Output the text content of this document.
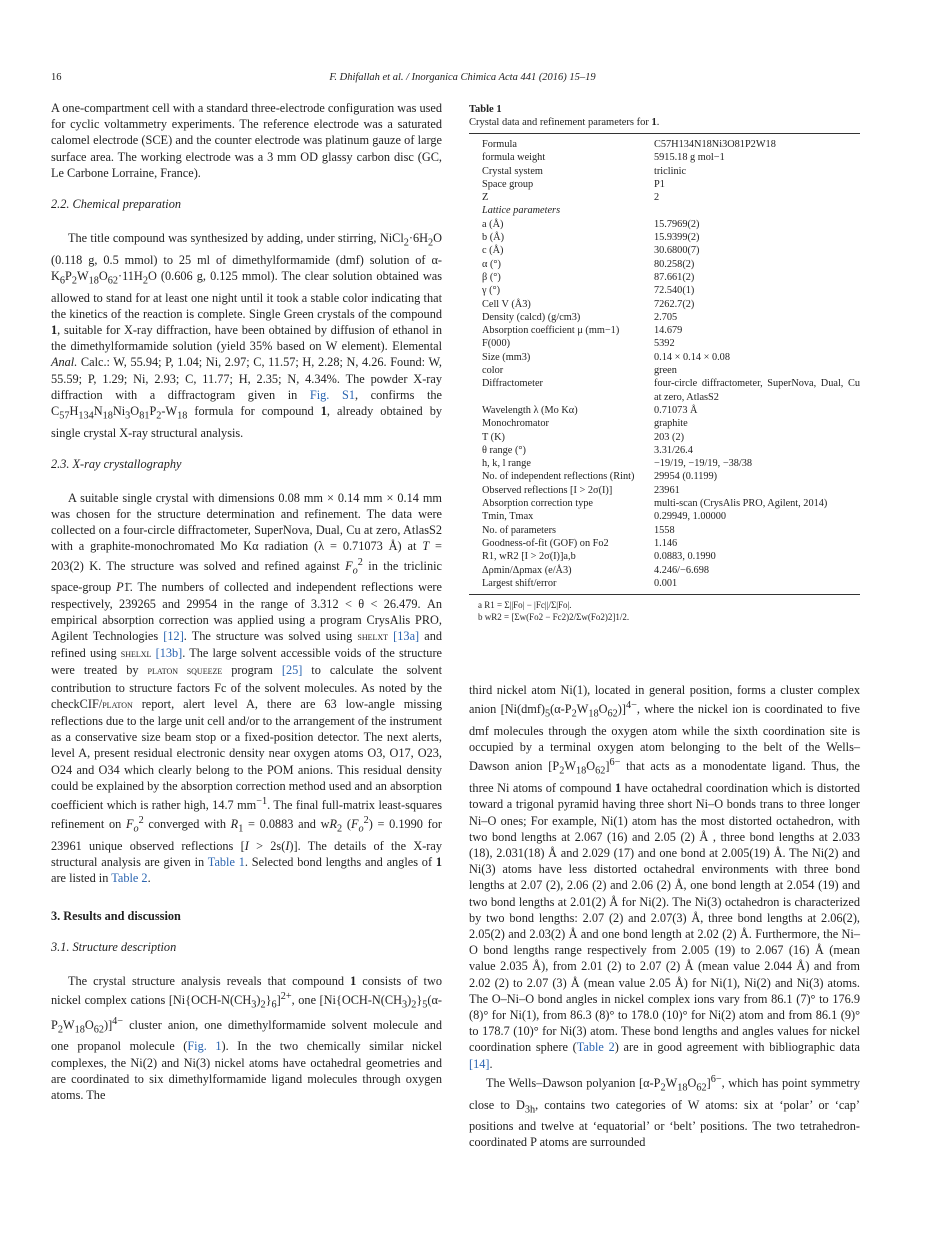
16	F. Dhifallah et al. / Inorganica Chimica Acta 441 (2016) 15–19

A one-compartment cell with a standard three-electrode configuration was used for cyclic voltammetry experiments. The reference electrode was a saturated calomel electrode (SCE) and the counter electrode was platinum gauze of large surface area. The working electrode was a 3 mm OD glassy carbon disc (GC, Le Carbone Lorraine, France).

2.2. Chemical preparation

The title compound was synthesized by adding, under stirring, $NiCl_2\cdot 6H_2O$ (0.118 g, 0.5 mmol) to 25 ml of dimethylformamide (dmf) solution of $\alpha-K_6P_2W_{18}O_{62}\cdot 11H_2O$ (0.606 g, 0.125 mmol). The clear solution obtained was allowed to stand for at least one night until it took a stable color indicating that the kinetics of the reaction is complete. Single Green crystals of the compound 1, suitable for X-ray diffraction, have been obtained by diffusion of ethanol in the dimethylformamide solution (yield 35% based on W element). Elemental Anal. Calc.: W, 55.94; P, 1.04; Ni, 2.97; C, 11.57; H, 2.28; N, 4.26. Found: W, 55.59; P, 1.29; Ni, 2.93; C, 11.77; H, 2.35; N, 4.34%. The powder X-ray diffraction with a diffractogram given in Fig. S1, confirms the $C_{57}H_{134}N_{18}Ni_3O_{81}P_2-W_{18}$ formula for compound 1, already obtained by single crystal X-ray structural analysis.

2.3. X-ray crystallography

A suitable single crystal with dimensions 0.08 mm × 0.14 mm × 0.14 mm was chosen for the structure determination and refinement. The data were collected on a four-circle diffractometer, SuperNova, Dual, Cu at zero, AtlasS2 with a graphite-monochromated Mo Kα radiation (λ = 0.71073 Å) at T = 203(2) K. The structure was solved and refined against $F_o^2$ in the triclinic space-group P1̄. The numbers of collected and independent reflections were respectively, 239265 and 29954 in the range of 3.312 < θ < 26.479. An empirical absorption correction was applied using a program CrysAlis PRO, Agilent Technologies [12]. The structure was solved using shelxt [13a] and refined using shelxl [13b]. The large solvent accessible voids of the structure were treated by platon squeeze program [25] to calculate the solvent contribution to structure factors Fc of the solvent molecules. As noted by the checkCIF/platon report, alert level A, there are 63 low-angle missing reflections due to the large unit cell and/or to the arrangement of the instrument as a conservative size beam stop or a fixed-position detector. The next alerts, level A, present residual electronic density near oxygen atoms O3, O17, O23, O24 and O34 which clearly belong to the POM anions. This residual density could be explained by the absorption correction method used and an absorption coefficient which is rather high, 14.7 $mm^{-1}$. The final full-matrix least-squares refinement on $F_o^2$ converged with $R_1 = 0.0883$ and $wR_2$ $(F_o^2) = 0.1990$ for 23961 unique observed reflections [I > 2s(I)]. The details of the X-ray structural analysis are given in Table 1. Selected bond lengths and angles of 1 are listed in Table 2.

3. Results and discussion

3.1. Structure description

The crystal structure analysis reveals that compound 1 consists of two nickel complex cations $[Ni\{OCH-N(CH_3)_2\}_6]^{2+}$, one $[Ni\{OCH-N(CH_3)_2\}_5(\alpha-P_2W_{18}O_{62})]^{4-}$ cluster anion, one dimethylformamide solvent molecule and one propanol molecule (Fig. 1). In the two chemically similar nickel complexes, the Ni(2) and Ni(3) nickel atoms have octahedral geometries and are coordinated to six dimethylformamide ligand molecules through oxygen atoms. The

Table 1

Crystal data and refinement parameters for 1.

Formula	C57H134N18Ni3O81P2W18
formula weight	5915.18 g mol−1
Crystal system	triclinic
Space group	P1
Z	2
Lattice parameters
a (Å)	15.7969(2)
b (Å)	15.9399(2)
c (Å)	30.6800(7)
α (°)	80.258(2)
β (°)	87.661(2)
γ (°)	72.540(1)
Cell V (Å3)	7262.7(2)
Density (calcd) (g/cm3)	2.705
Absorption coefficient μ (mm−1)	14.679
F(000)	5392
Size (mm3)	0.14 × 0.14 × 0.08
color	green
Diffractometer	four-circle diffractometer, SuperNova, Dual, Cu at zero, AtlasS2
Wavelength λ (Mo Kα)	0.71073 Å
Monochromator	graphite
T (K)	203 (2)
θ range (°)	3.31/26.4
h, k, l range	−19/19, −19/19, −38/38
No. of independent reflections (Rint)	29954 (0.1199)
Observed reflections [I > 2σ(I)]	23961
Absorption correction type	multi-scan (CrysAlis PRO, Agilent, 2014)
Tmin, Tmax	0.29949, 1.00000
No. of parameters	1558
Goodness-of-fit (GOF) on Fo2	1.146
R1, wR2 [I > 2σ(I)]a,b	0.0883, 0.1990
Δρmin/Δρmax (e/Å3)	4.246/−6.698
Largest shift/error	0.001
a R1 = Σ||Fo| − |Fc||/Σ|Fo|.
b wR2 = [Σw(Fo2 − Fc2)2/Σw(Fo2)2]1/2.

third nickel atom Ni(1), located in general position, forms a cluster complex anion $[Ni(dmf)_5(\alpha-P_2W_{18}O_{62})]^{4-}$, where the nickel ion is coordinated to five dmf molecules through the oxygen atom while the sixth coordination site is occupied by a terminal oxygen atom belonging to the belt of the Wells–Dawson anion $[P_2W_{18}O_{62}]^{6-}$ that acts as a monodentate ligand. Thus, the three Ni atoms of compound 1 have octahedral coordination which is distorted toward a trigonal pyramid having three short Ni–O bonds trans to three longer Ni–O ones; For example, Ni(1) atom has the most distorted octahedron, with two bond lengths at 2.067 (16) and 2.05 (2) Å , three bond lengths at 2.033 (18), 2.031(18) Å and 2.029 (17) and one bond at 2.005(19) Å. The Ni(2) and Ni(3) atoms have less distorted octahedral environments with three bond lengths at 2.07 (2), 2.06 (2) and 2.06 (2) Å, one bond length at 2.054 (19) and two bond lengths at 2.01(2) Å for Ni(2). The Ni(3) octahedron is characterized by two bond lengths: 2.07 (2) and 2.07(3) Å, three bond lengths at 2.06(2), 2.05(2) and 2.03(2) Å and one bond length at 2.02 (2) Å. Furthermore, the Ni–O bond lengths range respectively from 2.005 (19) to 2.067 (16) Å (mean value 2.035 Å), from 2.01 (2) to 2.07 (2) Å (mean value 2.044 Å) and from 2.02 (2) to 2.07 (3) Å (mean value 2.05 Å) for Ni(1), Ni(2) and Ni(3) atoms. The O–Ni–O bond angles in nickel complex ions vary from 86.1 (7)° to 176.9 (8)° for Ni(1), from 86.3 (8)° to 178.0 (10)° for Ni(2) atom and from 86.1 (9)° to 178.7 (10)° for Ni(3) atom. These bond lengths and angles values for nickel coordination sphere (Table 2) are in good agreement with bibliographic data [14].

The Wells–Dawson polyanion $[\alpha-P_2W_{18}O_{62}]^{6-}$, which has point symmetry close to $D_{3h}$, contains two categories of W atoms: six at ‘polar’ or ‘cap’ positions and twelve at ‘equatorial’ or ‘belt’ positions. The two tetrahedron-coordinated P atoms are surrounded
